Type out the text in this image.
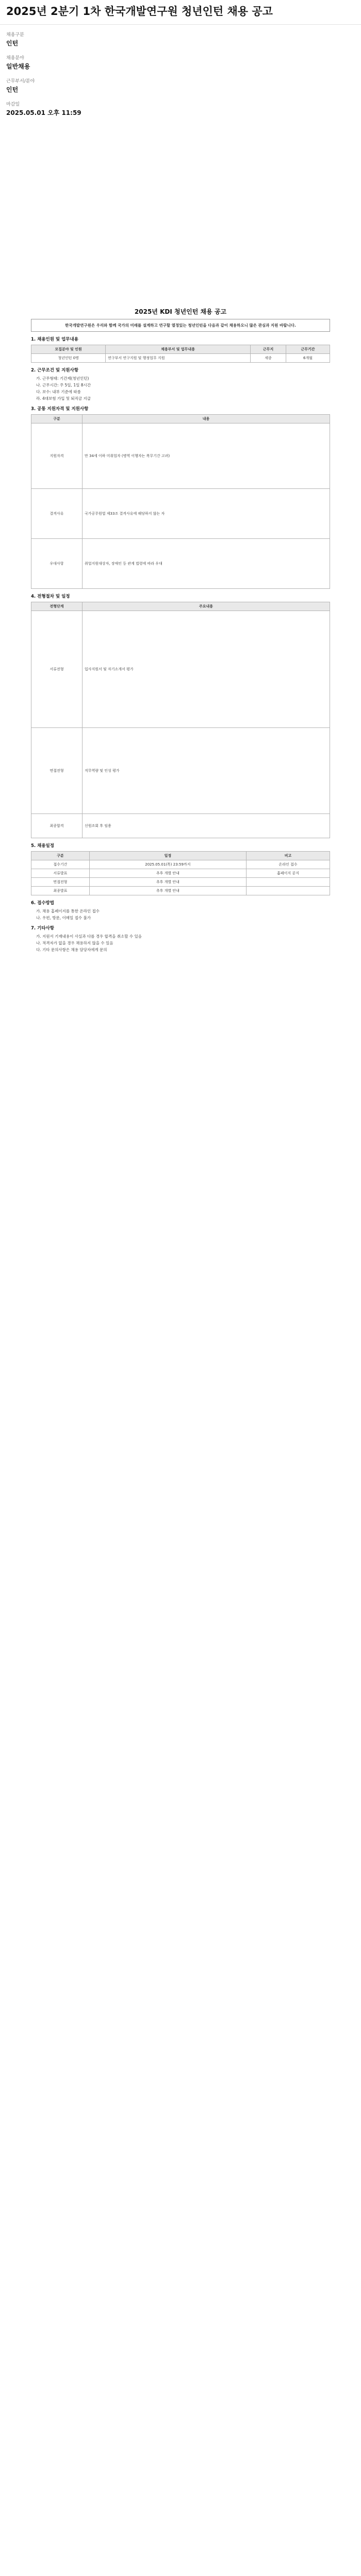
2025년 2분기 1차 한국개발연구원 청년인턴 채용 공고
채용구분
인턴
채용분야
일반채용
근무부서/분야
인턴
마감일
2025.05.01 오후 11:59
2025년 KDI 청년인턴 채용 공고
한국개발연구원은 우리와 함께 국가의 미래를 설계하고 연구할 열정있는 청년인턴을 다음과 같이 채용하오니 많은 관심과 지원 바랍니다.
1. 채용인원 및 업무내용
모집분야 및 인원	채용부서 및 업무내용	근무지	근무기간
청년인턴 0명	연구부서 연구지원 및 행정업무 지원	세종	6개월
2. 근무조건 및 지원사항
가. 근무형태: 기간제(청년인턴)
나. 근무시간: 주 5일, 1일 8시간
다. 보수: 내부 기준에 따름
라. 4대보험 가입 및 퇴직금 지급
3. 공통 지원자격 및 지원사항
구분	내용
지원자격	만 34세 이하 미취업자 (병역 이행자는 복무기간 고려)
결격사유	국가공무원법 제33조 결격사유에 해당하지 않는 자
우대사항	취업지원대상자, 장애인 등 관계 법령에 따라 우대
4. 전형절차 및 일정
전형단계	주요내용
서류전형	입사지원서 및 자기소개서 평가
면접전형	직무역량 및 인성 평가
최종합격	신원조회 후 임용
5. 채용일정
구분	일정	비고
접수기간	2025.05.01(목) 23:59까지	온라인 접수
서류발표	추후 개별 안내	홈페이지 공지
면접전형	추후 개별 안내	
최종발표	추후 개별 안내	
6. 접수방법
가. 채용 홈페이지를 통한 온라인 접수
나. 우편, 방문, 이메일 접수 불가
7. 기타사항
가. 지원서 기재내용이 사실과 다를 경우 합격을 취소할 수 있음
나. 적격자가 없을 경우 채용하지 않을 수 있음
다. 기타 문의사항은 채용 담당자에게 문의
